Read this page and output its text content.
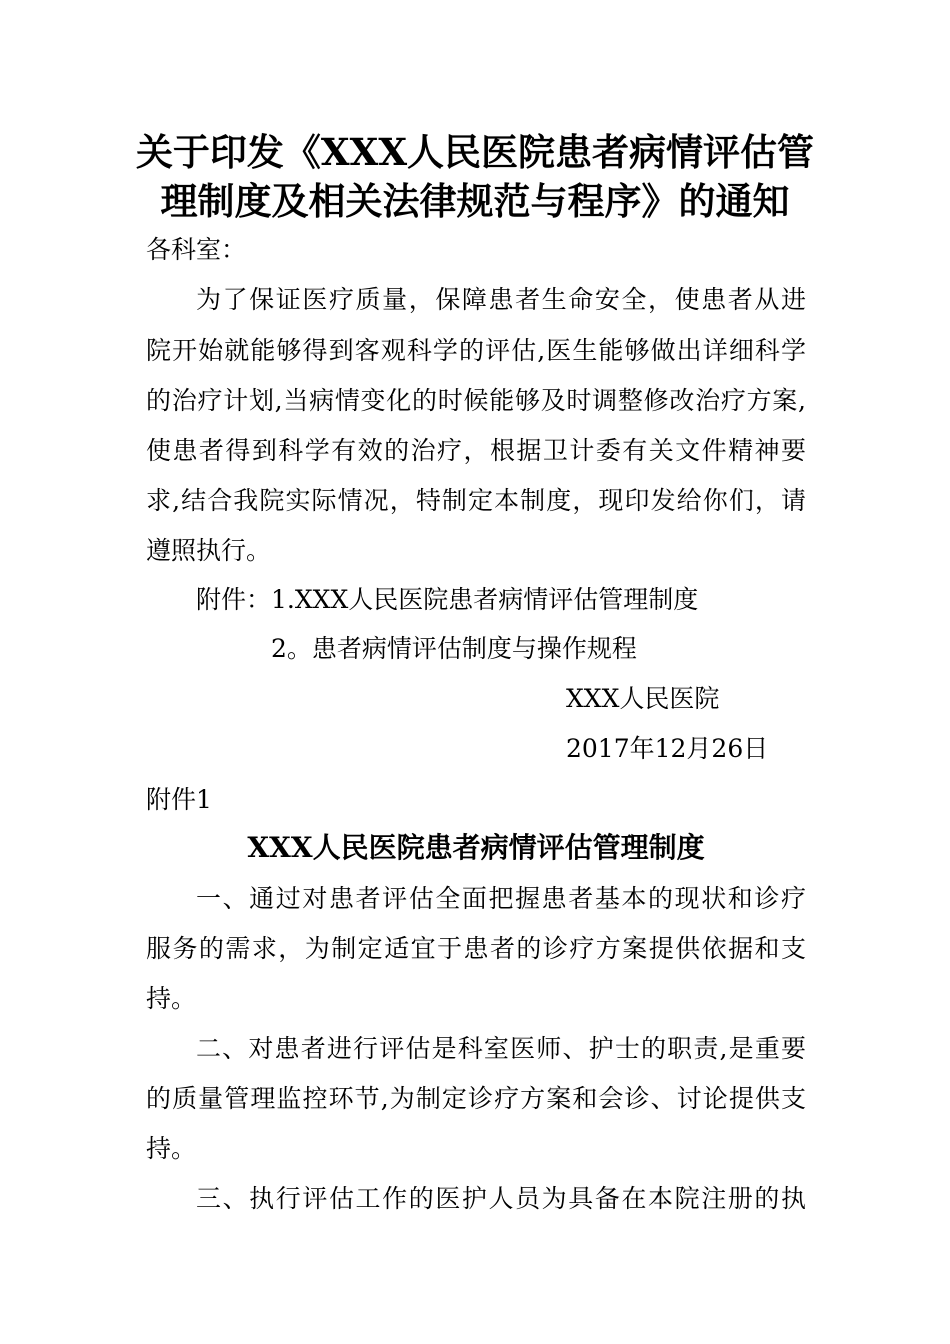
关于印发《XXX人民医院患者病情评估管
理制度及相关法律规范与程序》的通知

各科室：

为了保证医疗质量，保障患者生命安全，使患者从进

院开始就能够得到客观科学的评估,医生能够做出详细科学

的治疗计划,当病情变化的时候能够及时调整修改治疗方案,

使患者得到科学有效的治疗，根据卫计委有关文件精神要

求,结合我院实际情况，特制定本制度，现印发给你们，请

遵照执行。

附件：1.XXX人民医院患者病情评估管理制度

2。患者病情评估制度与操作规程

XXX人民医院

2017年12月26日

附件1

XXX人民医院患者病情评估管理制度

一、通过对患者评估全面把握患者基本的现状和诊疗

服务的需求，为制定适宜于患者的诊疗方案提供依据和支

持。

二、对患者进行评估是科室医师、护士的职责,是重要

的质量管理监控环节,为制定诊疗方案和会诊、讨论提供支

持。

三、执行评估工作的医护人员为具备在本院注册的执
